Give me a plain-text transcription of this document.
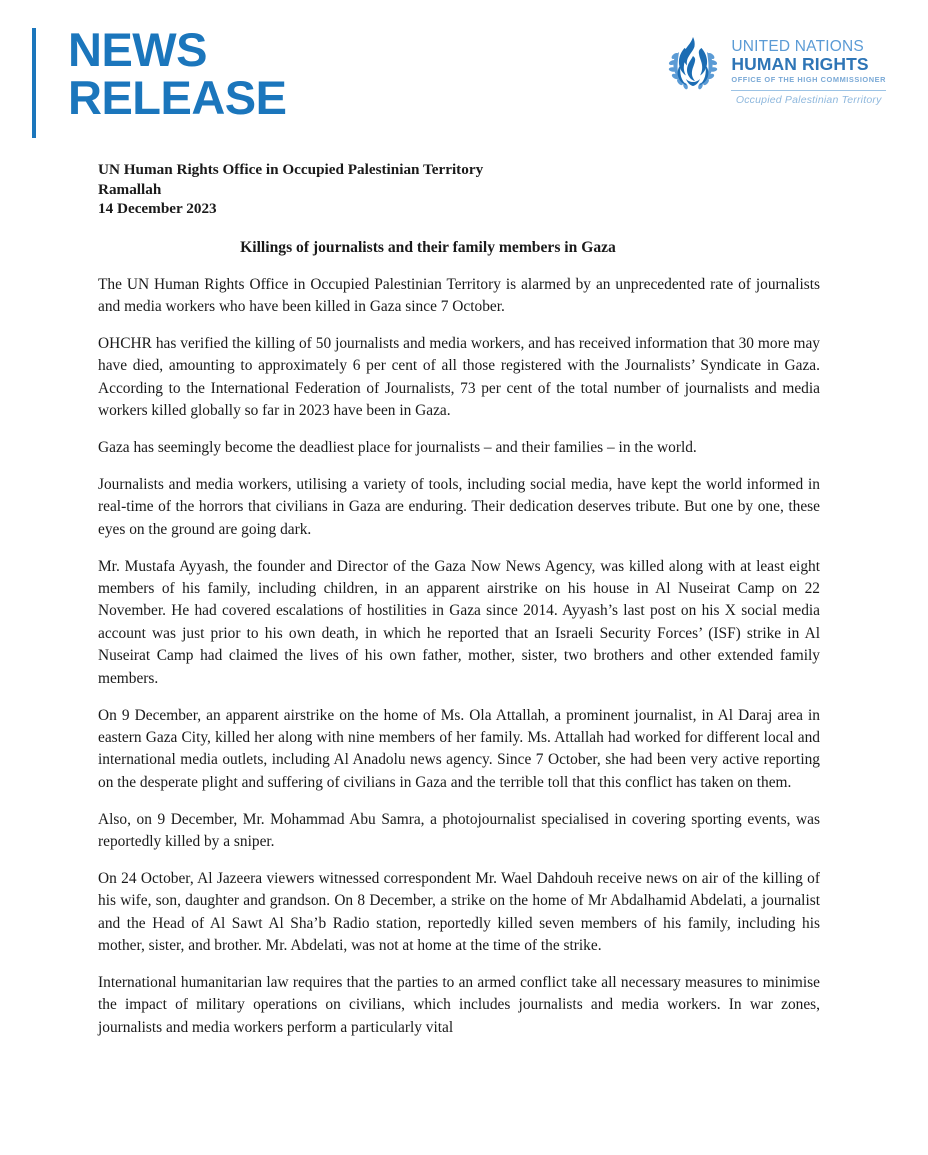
NEWS
RELEASE
UNITED NATIONS
HUMAN RIGHTS
OFFICE OF THE HIGH COMMISSIONER
Occupied Palestinian Territory
UN Human Rights Office in Occupied Palestinian Territory
Ramallah
14 December 2023
Killings of journalists and their family members in Gaza

The UN Human Rights Office in Occupied Palestinian Territory is alarmed by an unprecedented rate of journalists and media workers who have been killed in Gaza since 7 October.

OHCHR has verified the killing of 50 journalists and media workers, and has received information that 30 more may have died, amounting to approximately 6 per cent of all those registered with the Journalists’ Syndicate in Gaza. According to the International Federation of Journalists, 73 per cent of the total number of journalists and media workers killed globally so far in 2023 have been in Gaza.

Gaza has seemingly become the deadliest place for journalists – and their families – in the world.

Journalists and media workers, utilising a variety of tools, including social media, have kept the world informed in real-time of the horrors that civilians in Gaza are enduring. Their dedication deserves tribute. But one by one, these eyes on the ground are going dark.

Mr. Mustafa Ayyash, the founder and Director of the Gaza Now News Agency, was killed along with at least eight members of his family, including children, in an apparent airstrike on his house in Al Nuseirat Camp on 22 November. He had covered escalations of hostilities in Gaza since 2014. Ayyash’s last post on his X social media account was just prior to his own death, in which he reported that an Israeli Security Forces’ (ISF) strike in Al Nuseirat Camp had claimed the lives of his own father, mother, sister, two brothers and other extended family members.

On 9 December, an apparent airstrike on the home of Ms. Ola Attallah, a prominent journalist, in Al Daraj area in eastern Gaza City, killed her along with nine members of her family. Ms. Attallah had worked for different local and international media outlets, including Al Anadolu news agency. Since 7 October, she had been very active reporting on the desperate plight and suffering of civilians in Gaza and the terrible toll that this conflict has taken on them.

Also, on 9 December, Mr. Mohammad Abu Samra, a photojournalist specialised in covering sporting events, was reportedly killed by a sniper.

On 24 October, Al Jazeera viewers witnessed correspondent Mr. Wael Dahdouh receive news on air of the killing of his wife, son, daughter and grandson. On 8 December, a strike on the home of Mr Abdalhamid Abdelati, a journalist and the Head of Al Sawt Al Sha’b Radio station, reportedly killed seven members of his family, including his mother, sister, and brother. Mr. Abdelati, was not at home at the time of the strike.

International humanitarian law requires that the parties to an armed conflict take all necessary measures to minimise the impact of military operations on civilians, which includes journalists and media workers. In war zones, journalists and media workers perform a particularly vital
